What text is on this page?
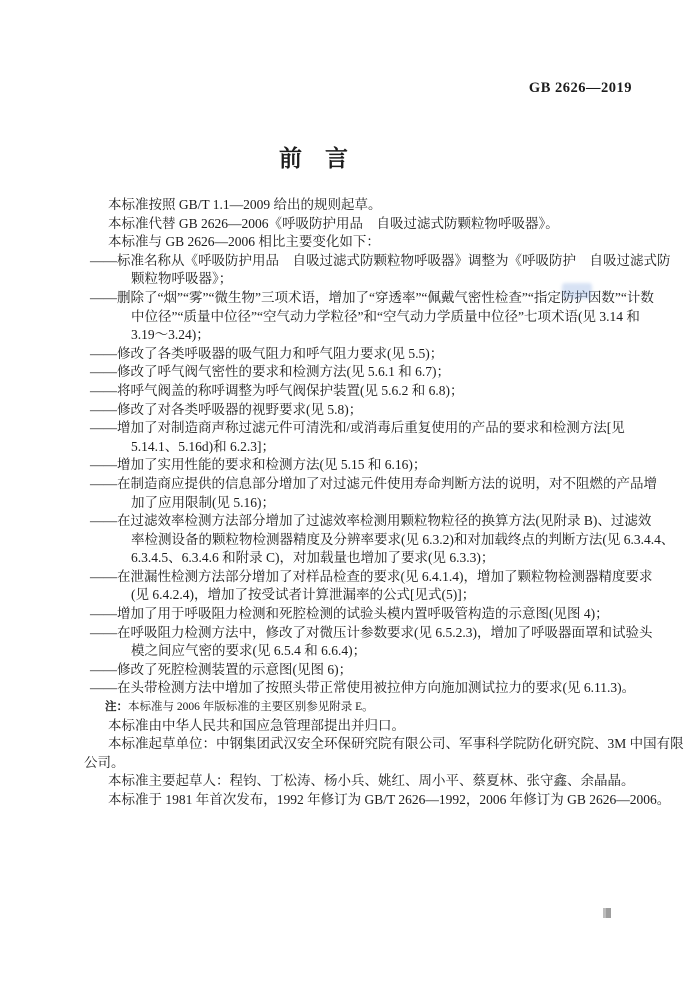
GB 2626—2019
前　言
本标准按照 GB/T 1.1—2009 给出的规则起草。
本标准代替 GB 2626—2006《呼吸防护用品　自吸过滤式防颗粒物呼吸器》。
本标准与 GB 2626—2006 相比主要变化如下：
——标准名称从《呼吸防护用品　自吸过滤式防颗粒物呼吸器》调整为《呼吸防护　自吸过滤式防
颗粒物呼吸器》；
——删除了“烟”“雾”“微生物”三项术语，增加了“穿透率”“佩戴气密性检查”“指定防护因数”“计数
中位径”“质量中位径”“空气动力学粒径”和“空气动力学质量中位径”七项术语(见 3.14 和
3.19～3.24)；
——修改了各类呼吸器的吸气阻力和呼气阻力要求(见 5.5)；
——修改了呼气阀气密性的要求和检测方法(见 5.6.1 和 6.7)；
——将呼气阀盖的称呼调整为呼气阀保护装置(见 5.6.2 和 6.8)；
——修改了对各类呼吸器的视野要求(见 5.8)；
——增加了对制造商声称过滤元件可清洗和/或消毒后重复使用的产品的要求和检测方法[见
5.14.1、5.16d)和 6.2.3]；
——增加了实用性能的要求和检测方法(见 5.15 和 6.16)；
——在制造商应提供的信息部分增加了对过滤元件使用寿命判断方法的说明，对不阻燃的产品增
加了应用限制(见 5.16)；
——在过滤效率检测方法部分增加了过滤效率检测用颗粒物粒径的换算方法(见附录 B)、过滤效
率检测设备的颗粒物检测器精度及分辨率要求(见 6.3.2)和对加载终点的判断方法(见 6.3.4.4、
6.3.4.5、6.3.4.6 和附录 C)，对加载量也增加了要求(见 6.3.3)；
——在泄漏性检测方法部分增加了对样品检查的要求(见 6.4.1.4)，增加了颗粒物检测器精度要求
(见 6.4.2.4)，增加了按受试者计算泄漏率的公式[见式(5)]；
——增加了用于呼吸阻力检测和死腔检测的试验头模内置呼吸管构造的示意图(见图 4)；
——在呼吸阻力检测方法中，修改了对微压计参数要求(见 6.5.2.3)，增加了呼吸器面罩和试验头
模之间应气密的要求(见 6.5.4 和 6.6.4)；
——修改了死腔检测装置的示意图(见图 6)；
——在头带检测方法中增加了按照头带正常使用被拉伸方向施加测试拉力的要求(见 6.11.3)。
注：本标准与 2006 年版标准的主要区别参见附录 E。
本标准由中华人民共和国应急管理部提出并归口。
本标准起草单位：中钢集团武汉安全环保研究院有限公司、军事科学院防化研究院、3M 中国有限
公司。
本标准主要起草人：程钧、丁松涛、杨小兵、姚红、周小平、蔡夏林、张守鑫、余晶晶。
本标准于 1981 年首次发布，1992 年修订为 GB/T 2626—1992，2006 年修订为 GB 2626—2006。
